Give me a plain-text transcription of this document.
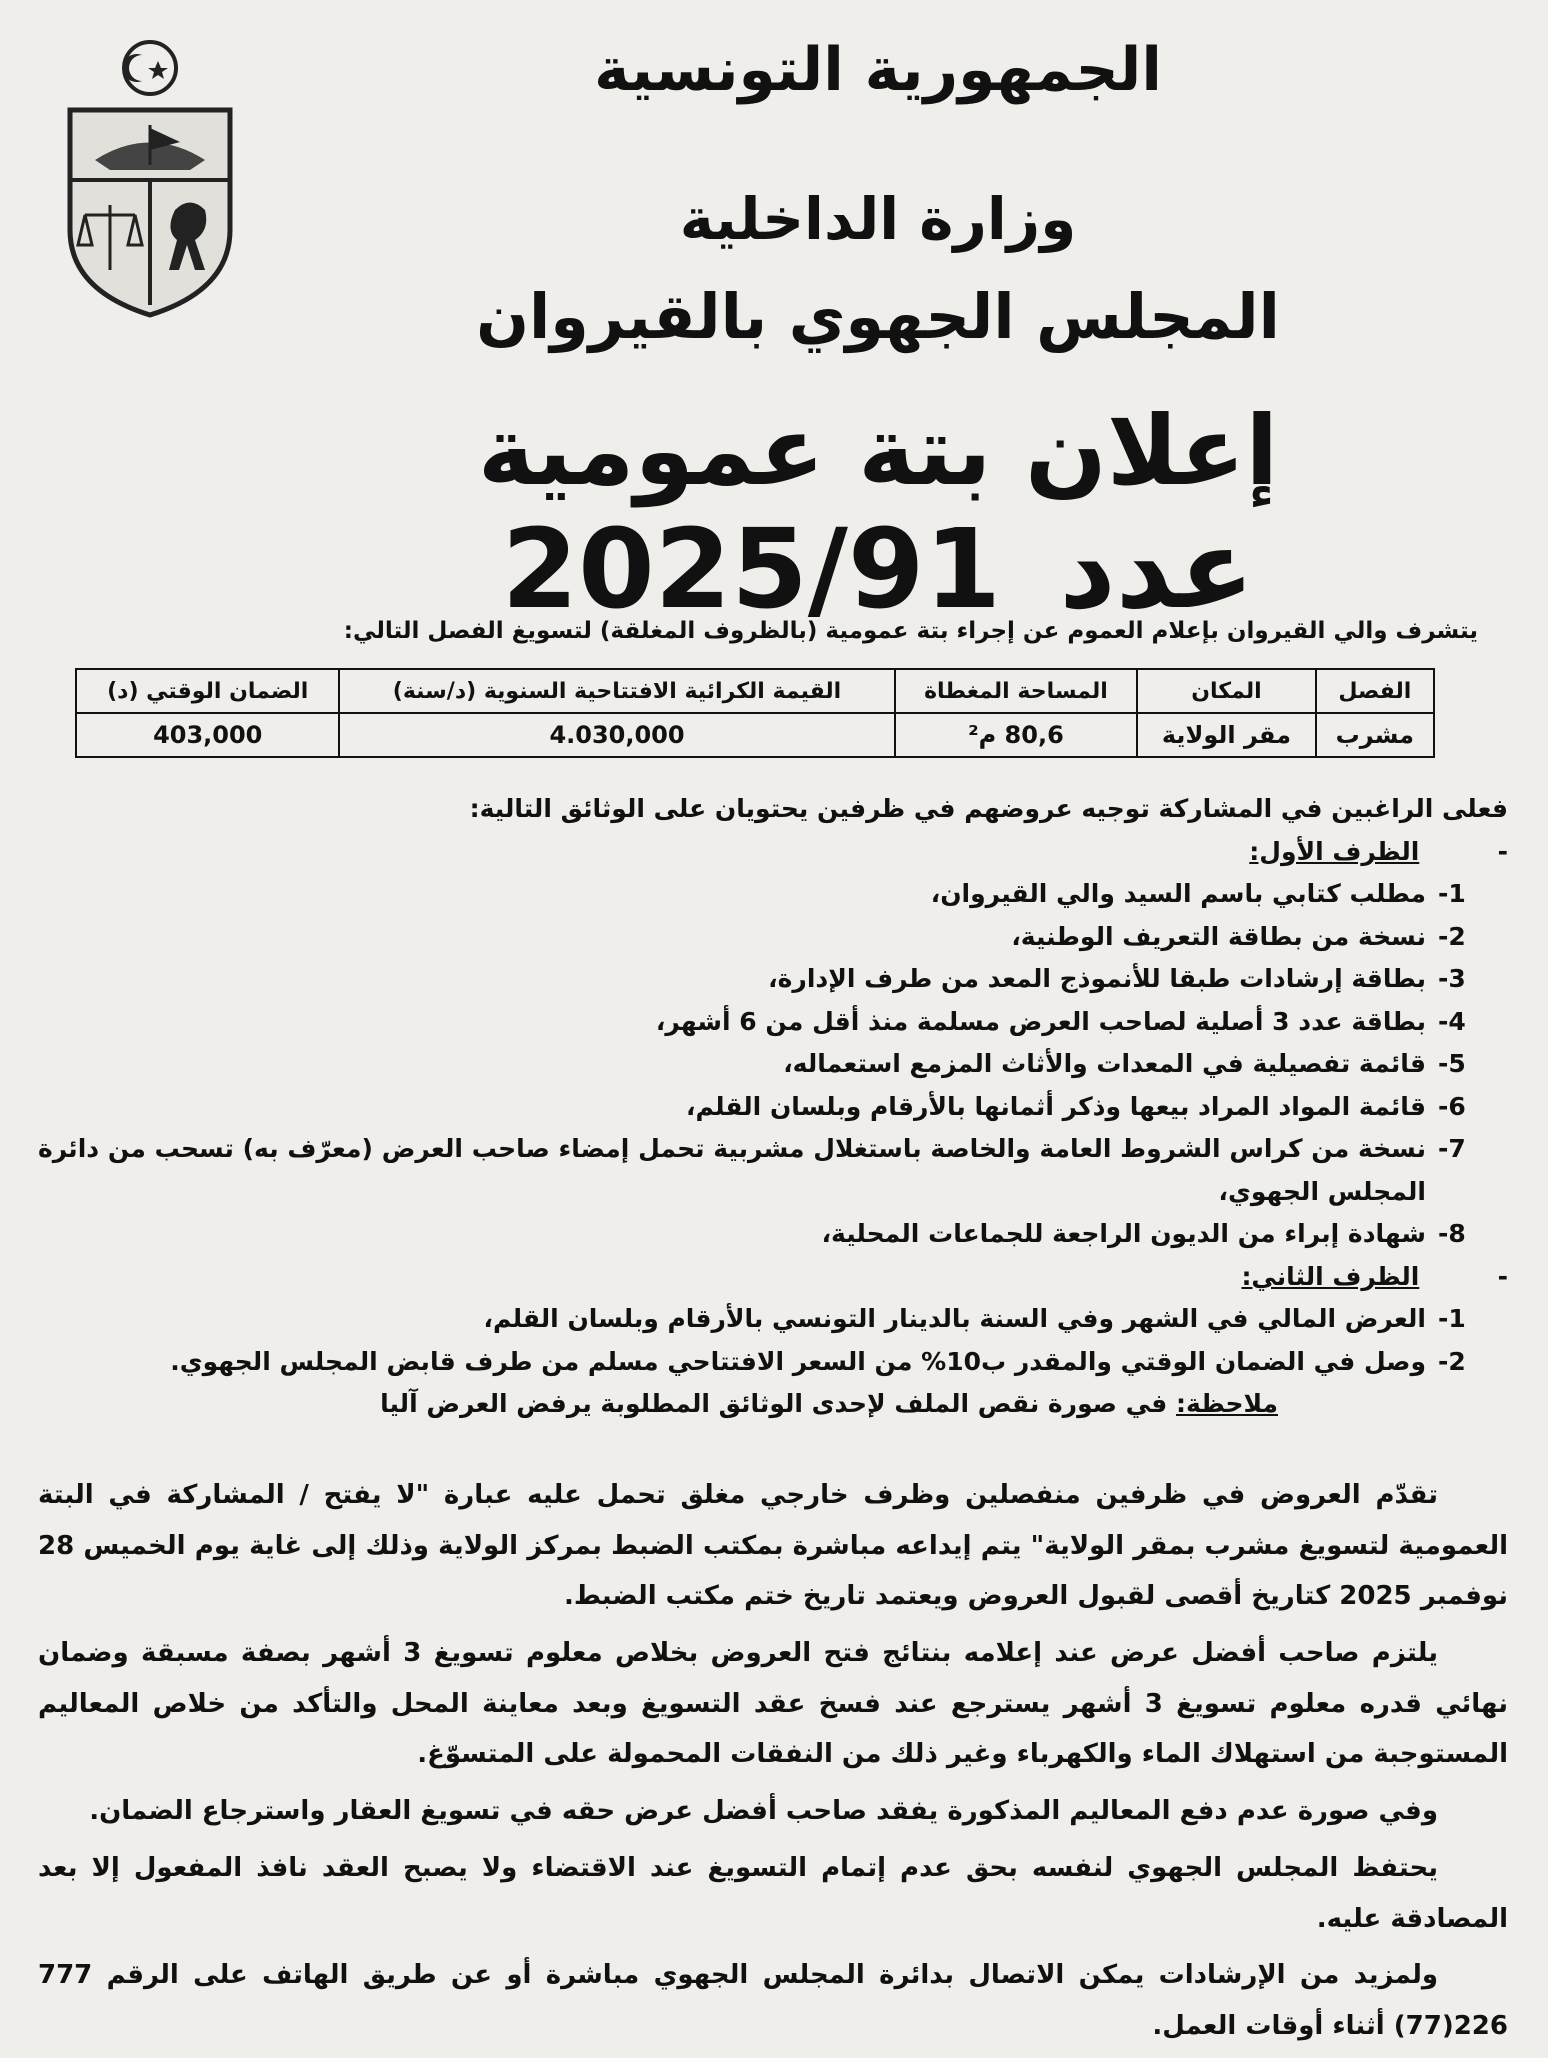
الجمهورية التونسية
وزارة الداخلية
المجلس الجهوي بالقيروان
إعلان بتة عمومية
عدد 2025/91
يتشرف والي القيروان بإعلام العموم عن إجراء بتة عمومية (بالظروف المغلقة) لتسويغ الفصل التالي:
الفصل	المكان	المساحة المغطاة	القيمة الكرائية الافتتاحية السنوية (د/سنة)	الضمان الوقتي (د)
مشرب	مقر الولاية	80,6 م²	4.030,000	403,000

فعلى الراغبين في المشاركة توجيه عروضهم في ظرفين يحتويان على الوثائق التالية:

- الظرف الأول:
-1
مطلب كتابي باسم السيد والي القيروان،
-2
نسخة من بطاقة التعريف الوطنية،
-3
بطاقة إرشادات طبقا للأنموذج المعد من طرف الإدارة،
-4
بطاقة عدد 3 أصلية لصاحب العرض مسلمة منذ أقل من 6 أشهر،
-5
قائمة تفصيلية في المعدات والأثاث المزمع استعماله،
-6
قائمة المواد المراد بيعها وذكر أثمانها بالأرقام وبلسان القلم،
-7
نسخة من كراس الشروط العامة والخاصة باستغلال مشربية تحمل إمضاء صاحب العرض (معرّف به) تسحب من دائرة المجلس الجهوي،
-8
شهادة إبراء من الديون الراجعة للجماعات المحلية،
- الظرف الثاني:
-1
العرض المالي في الشهر وفي السنة بالدينار التونسي بالأرقام وبلسان القلم،
-2
وصل في الضمان الوقتي والمقدر ب10% من السعر الافتتاحي مسلم من طرف قابض المجلس الجهوي.
ملاحظة: في صورة نقص الملف لإحدى الوثائق المطلوبة يرفض العرض آليا

تقدّم العروض في ظرفين منفصلين وظرف خارجي مغلق تحمل عليه عبارة "لا يفتح / المشاركة في البتة العمومية لتسويغ مشرب بمقر الولاية" يتم إيداعه مباشرة بمكتب الضبط بمركز الولاية وذلك إلى غاية يوم الخميس 28 نوفمبر 2025 كتاريخ أقصى لقبول العروض ويعتمد تاريخ ختم مكتب الضبط.

يلتزم صاحب أفضل عرض عند إعلامه بنتائج فتح العروض بخلاص معلوم تسويغ 3 أشهر بصفة مسبقة وضمان نهائي قدره معلوم تسويغ 3 أشهر يسترجع عند فسخ عقد التسويغ وبعد معاينة المحل والتأكد من خلاص المعاليم المستوجبة من استهلاك الماء والكهرباء وغير ذلك من النفقات المحمولة على المتسوّغ.

وفي صورة عدم دفع المعاليم المذكورة يفقد صاحب أفضل عرض حقه في تسويغ العقار واسترجاع الضمان.

يحتفظ المجلس الجهوي لنفسه بحق عدم إتمام التسويغ عند الاقتضاء ولا يصبح العقد نافذ المفعول إلا بعد المصادقة عليه.

ولمزيد من الإرشادات يمكن الاتصال بدائرة المجلس الجهوي مباشرة أو عن طريق الهاتف على الرقم 777 226(77) أثناء أوقات العمل.
